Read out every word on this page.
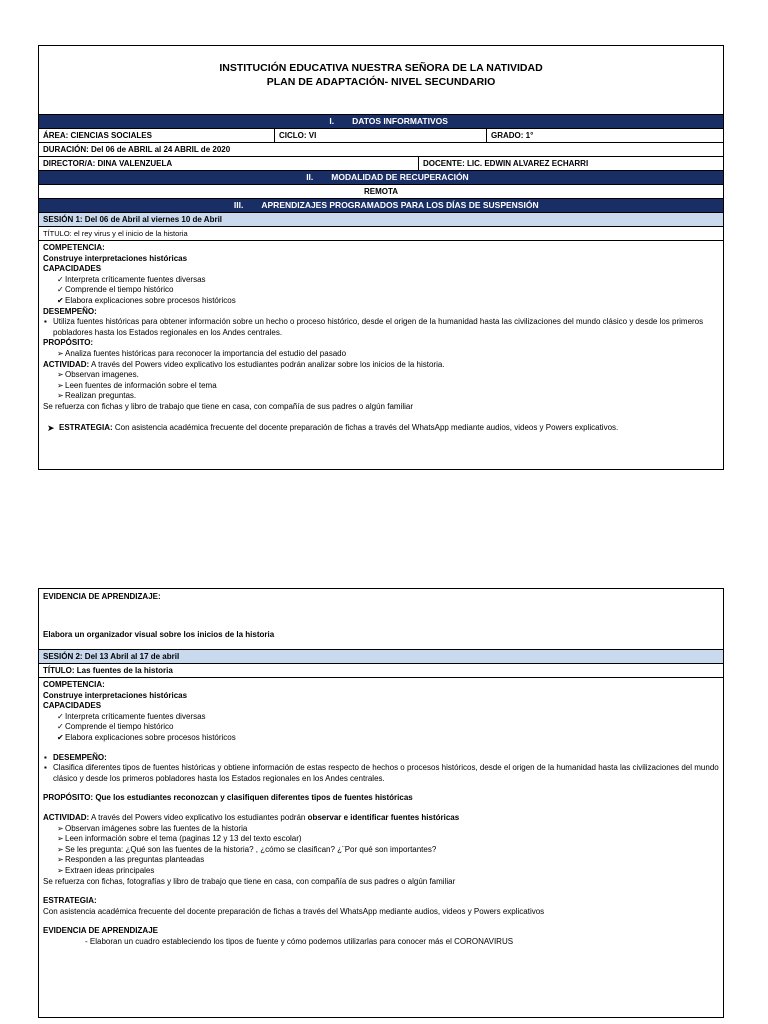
INSTITUCIÓN EDUCATIVA NUESTRA SEÑORA DE LA NATIVIDAD
PLAN DE ADAPTACIÓN- NIVEL SECUNDARIO
I. DATOS INFORMATIVOS
ÁREA: CIENCIAS SOCIALES	CICLO: VI	GRADO: 1°
DURACIÓN: Del 06 de ABRIL al 24 ABRIL de 2020
DIRECTOR/A: DINA VALENZUELA	DOCENTE: LIC. EDWIN ALVAREZ ECHARRI
II. MODALIDAD DE RECUPERACIÓN
REMOTA
III. APRENDIZAJES PROGRAMADOS PARA LOS DÍAS DE SUSPENSIÓN
SESIÓN 1: Del 06 de Abril al viernes 10 de Abril
TÍTULO: el rey virus y el inicio de la historia

COMPETENCIA:

Construye interpretaciones históricas

CAPACIDADES

✓ Interpreta críticamente fuentes diversas

✓ Comprende el tiempo histórico

✔ Elabora explicaciones sobre procesos históricos

DESEMPEÑO:

▪ Utiliza fuentes históricas para obtener información sobre un hecho o proceso histórico, desde el origen de la humanidad hasta las civilizaciones del mundo clásico y desde los primeros pobladores hasta los Estados regionales en los Andes centrales.

PROPÓSITO:

➢ Analiza fuentes históricas para reconocer la importancia del estudio del pasado

ACTIVIDAD: A través del Powers video explicativo los estudiantes podrán analizar sobre los inicios de la historia.

➢ Observan imagenes.

➢ Leen fuentes de información sobre el tema

➢ Realizan preguntas.

Se refuerza con fichas y libro de trabajo que tiene en casa, con compañía de sus padres o algún familiar

➤ ESTRATEGIA: Con asistencia académica frecuente del docente preparación de fichas a través del WhatsApp mediante audios, videos y Powers explicativos.

EVIDENCIA DE APRENDIZAJE:

Elabora un organizador visual sobre los inicios de la historia

SESIÓN 2: Del 13 Abril al 17 de abril
TÍTULO: Las fuentes de la historia

COMPETENCIA:

Construye interpretaciones históricas

CAPACIDADES

✓ Interpreta críticamente fuentes diversas

✓ Comprende el tiempo histórico

✔ Elabora explicaciones sobre procesos históricos

▪ DESEMPEÑO:

▪ Clasifica diferentes tipos de fuentes históricas y obtiene información de estas respecto de hechos o procesos históricos, desde el origen de la humanidad hasta las civilizaciones del mundo clásico y desde los primeros pobladores hasta los Estados regionales en los Andes centrales.

PROPÓSITO: Que los estudiantes reconozcan y clasifiquen diferentes tipos de fuentes históricas

ACTIVIDAD: A través del Powers video explicativo los estudiantes podrán observar e identificar fuentes históricas

➢ Observan imágenes sobre las fuentes de la historia

➢ Leen información sobre el tema (paginas 12 y 13 del texto escolar)

➢ Se les pregunta: ¿Qué son las fuentes de la historia? , ¿cómo se clasifican? ¿¨Por qué son importantes?

➢ Responden a las preguntas planteadas

➢ Extraen ideas principales

Se refuerza con fichas, fotografías y libro de trabajo que tiene en casa, con compañía de sus padres o algún familiar

ESTRATEGIA:

Con asistencia académica frecuente del docente preparación de fichas a través del WhatsApp mediante audios, videos y Powers explicativos

EVIDENCIA DE APRENDIZAJE

- Elaboran un cuadro estableciendo los tipos de fuente y cómo podemos utilizarlas para conocer más el CORONAVIRUS
